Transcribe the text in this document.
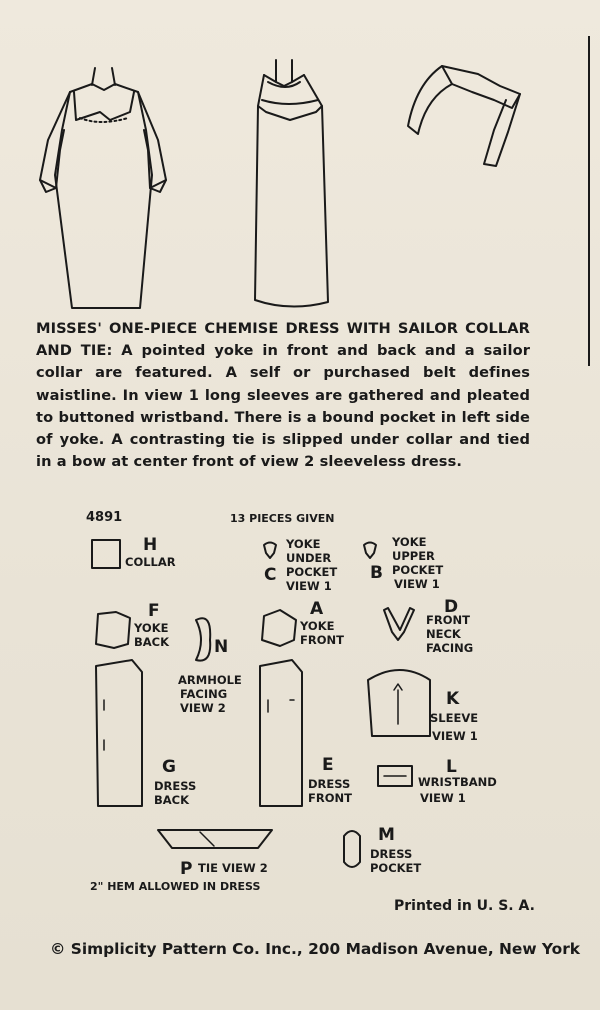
MISSES' ONE-PIECE CHEMISE DRESS WITH SAILOR COLLAR AND TIE: A pointed yoke in front and back and a sailor collar are featured. A self or purchased belt defines waistline. In view 1 long sleeves are gathered and pleated to buttoned wristband. There is a bound pocket in left side of yoke. A contrasting tie is slipped under collar and tied in a bow at center front of view 2 sleeveless dress.
4891	13 PIECES GIVEN
H
COLLAR
YOKE
UNDER
C POCKET
VIEW 1
YOKE
UPPER
B POCKET
VIEW 1
F
YOKE
BACK	N
ARMHOLE
FACING
VIEW 2
A
YOKE
FRONT
D
FRONT
NECK
FACING
G
DRESS
BACK
E
DRESS
FRONT
K
SLEEVE
VIEW 1
L
WRISTBAND
VIEW 1
P TIE VIEW 2
M
DRESS
POCKET
2" HEM ALLOWED IN DRESS
Printed in U. S. A.
© Simplicity Pattern Co. Inc., 200 Madison Avenue, New York
